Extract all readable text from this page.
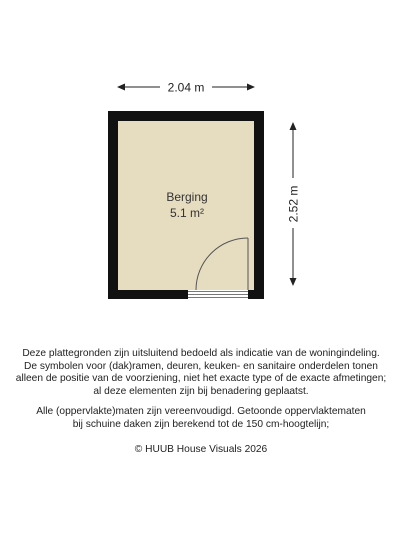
2.04 m
2.52 m
Berging
5.1 m²

Deze plattegronden zijn uitsluitend bedoeld als indicatie van de woningindeling.
De symbolen voor (dak)ramen, deuren, keuken- en sanitaire onderdelen tonen
alleen de positie van de voorziening, niet het exacte type of de exacte afmetingen;
al deze elementen zijn bij benadering geplaatst.

Alle (oppervlakte)maten zijn vereenvoudigd. Getoonde oppervlaktematen
bij schuine daken zijn berekend tot de 150 cm-hoogtelijn;

© HUUB House Visuals 2026
